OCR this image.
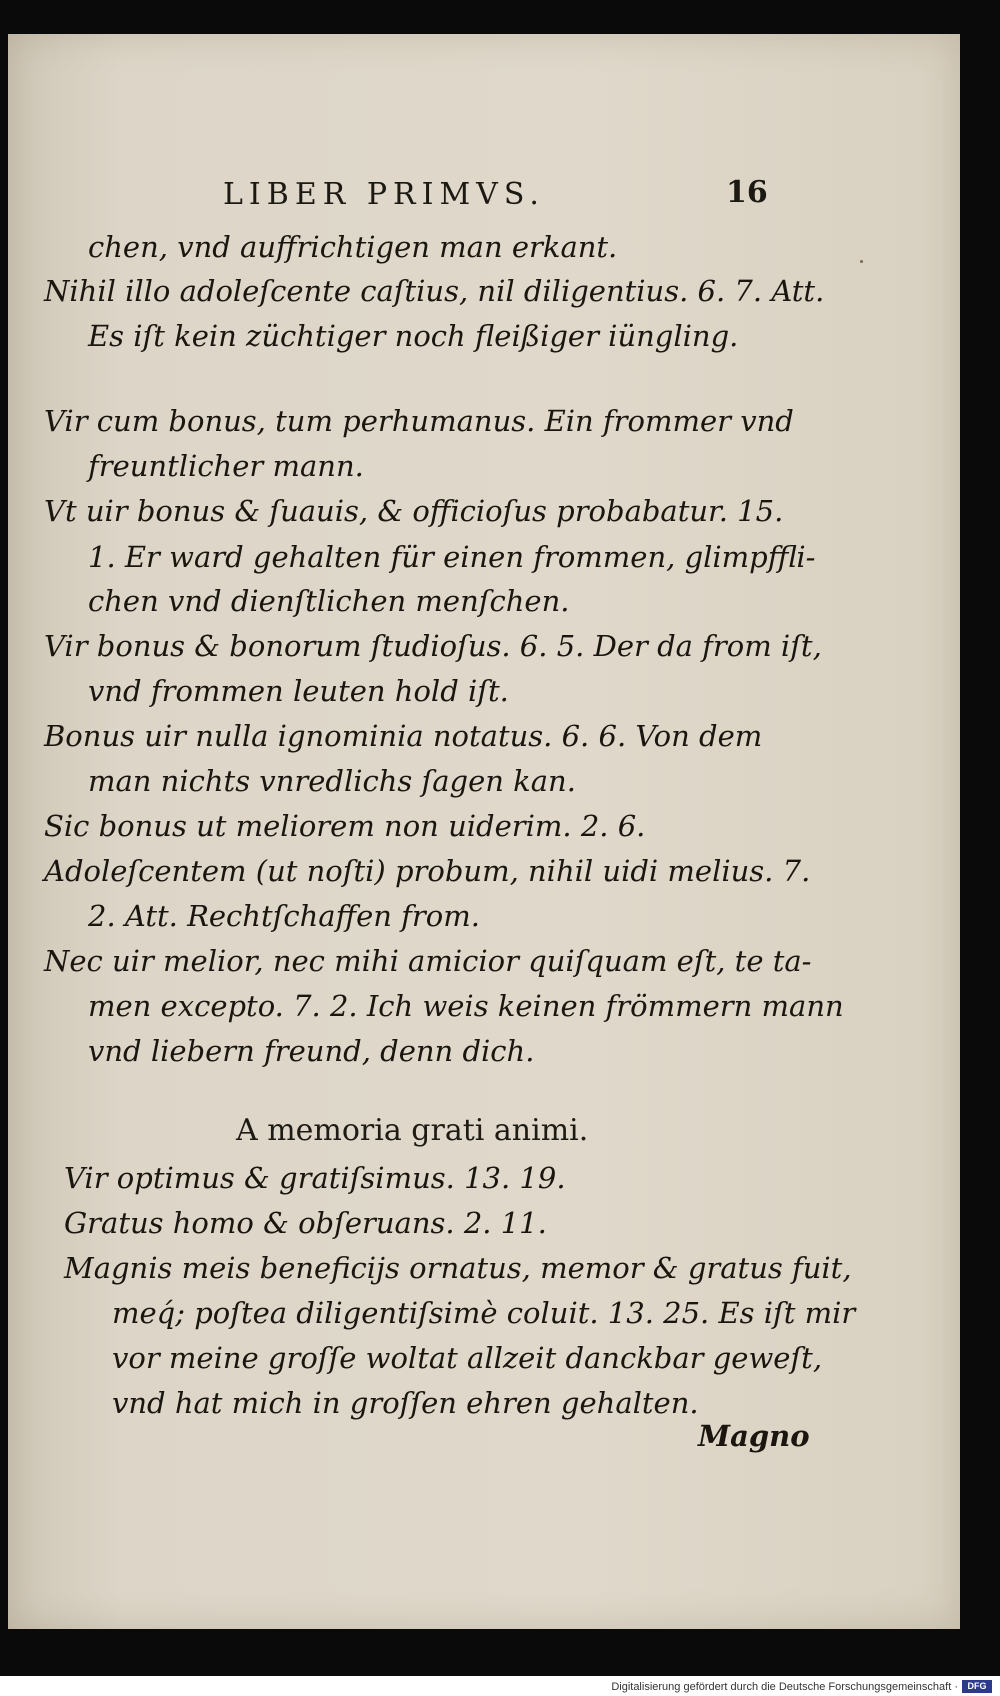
LIBER PRIMVS.	16
chen, vnd auffrichtigen man erkant.
Nihil illo adoleſcente caſtius, nil diligentius. 6. 7. Att.
Es iſt kein züchtiger noch fleißiger iüngling.
Vir cum bonus, tum perhumanus. Ein frommer vnd
freuntlicher mann.
Vt uir bonus & ſuauis, & officioſus probabatur. 15.
1. Er ward gehalten für einen frommen, glimpffli-
chen vnd dienſtlichen menſchen.
Vir bonus & bonorum ſtudioſus. 6. 5. Der da from iſt,
vnd frommen leuten hold iſt.
Bonus uir nulla ignominia notatus. 6. 6. Von dem
man nichts vnredlichs ſagen kan.
Sic bonus ut meliorem non uiderim. 2. 6.
Adoleſcentem (ut noſti) probum, nihil uidi melius. 7.
2. Att. Rechtſchaffen from.
Nec uir melior, nec mihi amicior quiſquam eſt, te ta-
men excepto. 7. 2. Ich weis keinen frömmern mann
vnd liebern freund, denn dich.
A memoria grati animi.
Vir optimus & gratiſsimus. 13. 19.
Gratus homo & obſeruans. 2. 11.
Magnis meis beneficijs ornatus, memor & gratus fuit,
meq́; poſtea diligentiſsimè coluit. 13. 25. Es iſt mir
vor meine groſſe woltat allzeit danckbar geweſt,
vnd hat mich in groſſen ehren gehalten.
Magno
Digitalisierung gefördert durch die Deutsche Forschungsgemeinschaft ·	DFG
